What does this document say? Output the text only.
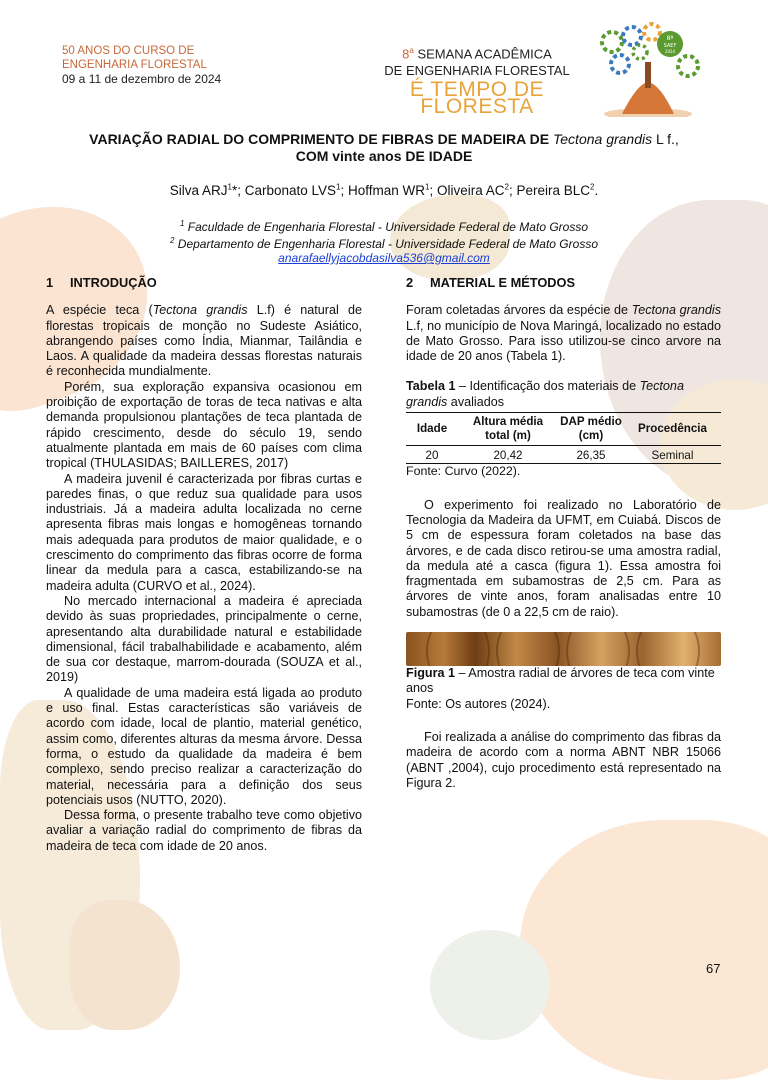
50 ANOS DO CURSO DE
ENGENHARIA FLORESTAL
09 a 11 de dezembro de 2024
8$^a$ SEMANA ACADÊMICA
DE ENGENHARIA FLORESTAL
É TEMPO DE FLORESTA
8ª
SAEF
2024
VARIAÇÃO RADIAL DO COMPRIMENTO DE FIBRAS DE MADEIRA DE Tectona grandis L f.,
COM vinte anos DE IDADE
Silva ARJ$^1$*; Carbonato LVS$^1$; Hoffman $WR^1$; Oliveira $AC^2$; Pereira BLC$^2$.
$^1$ Faculdade de Engenharia Florestal - Universidade Federal de Mato Grosso
$^2$ Departamento de Engenharia Florestal - Universidade Federal de Mato Grosso
anarafaellyjacobdasilva536@gmail.com
1 INTRODUÇÃO

A espécie teca (Tectona grandis L.f) é natural de florestas tropicais de monção no Sudeste Asiático, abrangendo países como Índia, Mianmar, Tailândia e Laos. A qualidade da madeira dessas florestas naturais é reconhecida mundialmente.

Porém, sua exploração expansiva ocasionou em proibição de exportação de toras de teca nativas e alta demanda propulsionou plantações de teca plantada de rápido crescimento, desde do século 19, sendo atualmente plantada em mais de 60 países com clima tropical (THULASIDAS; BAILLERES, 2017)

A madeira juvenil é caracterizada por fibras curtas e paredes finas, o que reduz sua qualidade para usos industriais. Já a madeira adulta localizada no cerne apresenta fibras mais longas e homogêneas tornando mais adequada para produtos de maior qualidade, e o crescimento do comprimento das fibras ocorre de forma linear da medula para a casca, estabilizando-se na madeira adulta (CURVO et al., 2024).

No mercado internacional a madeira é apreciada devido às suas propriedades, principalmente o cerne, apresentando alta durabilidade natural e estabilidade dimensional, fácil trabalhabilidade e acabamento, além de sua cor destaque, marrom-dourada (SOUZA et al., 2019)

A qualidade de uma madeira está ligada ao produto e uso final. Estas características são variáveis de acordo com idade, local de plantio, material genético, assim como, diferentes alturas da mesma árvore. Dessa forma, o estudo da qualidade da madeira é bem complexo, sendo preciso realizar a caracterização do material, necessária para a definição dos seus potenciais usos (NUTTO, 2020).

Dessa forma, o presente trabalho teve como objetivo avaliar a variação radial do comprimento de fibras da madeira de teca com idade de 20 anos.

2 MATERIAL E MÉTODOS

Foram coletadas árvores da espécie de Tectona grandis L.f, no município de Nova Maringá, localizado no estado de Mato Grosso. Para isso utilizou-se cinco arvore na idade de 20 anos (Tabela 1).

Tabela 1 – Identificação dos materiais de Tectona grandis avaliados

Idade	Altura média total (m)	DAP médio (cm)	Procedência
20	20,42	26,35	Seminal

Fonte: Curvo (2022).

O experimento foi realizado no Laboratório de Tecnologia da Madeira da UFMT, em Cuiabá. Discos de 5 cm de espessura foram coletados na base das árvores, e de cada disco retirou-se uma amostra radial, da medula até a casca (figura 1). Essa amostra foi fragmentada em subamostras de 2,5 cm. Para as árvores de vinte anos, foram analisadas entre 10 subamostras (de 0 a 22,5 cm de raio).

Figura 1 – Amostra radial de árvores de teca com vinte anos

Fonte: Os autores (2024).

Foi realizada a análise do comprimento das fibras da madeira de acordo com a norma ABNT NBR 15066 (ABNT ,2004), cujo procedimento está representado na Figura 2.

67
